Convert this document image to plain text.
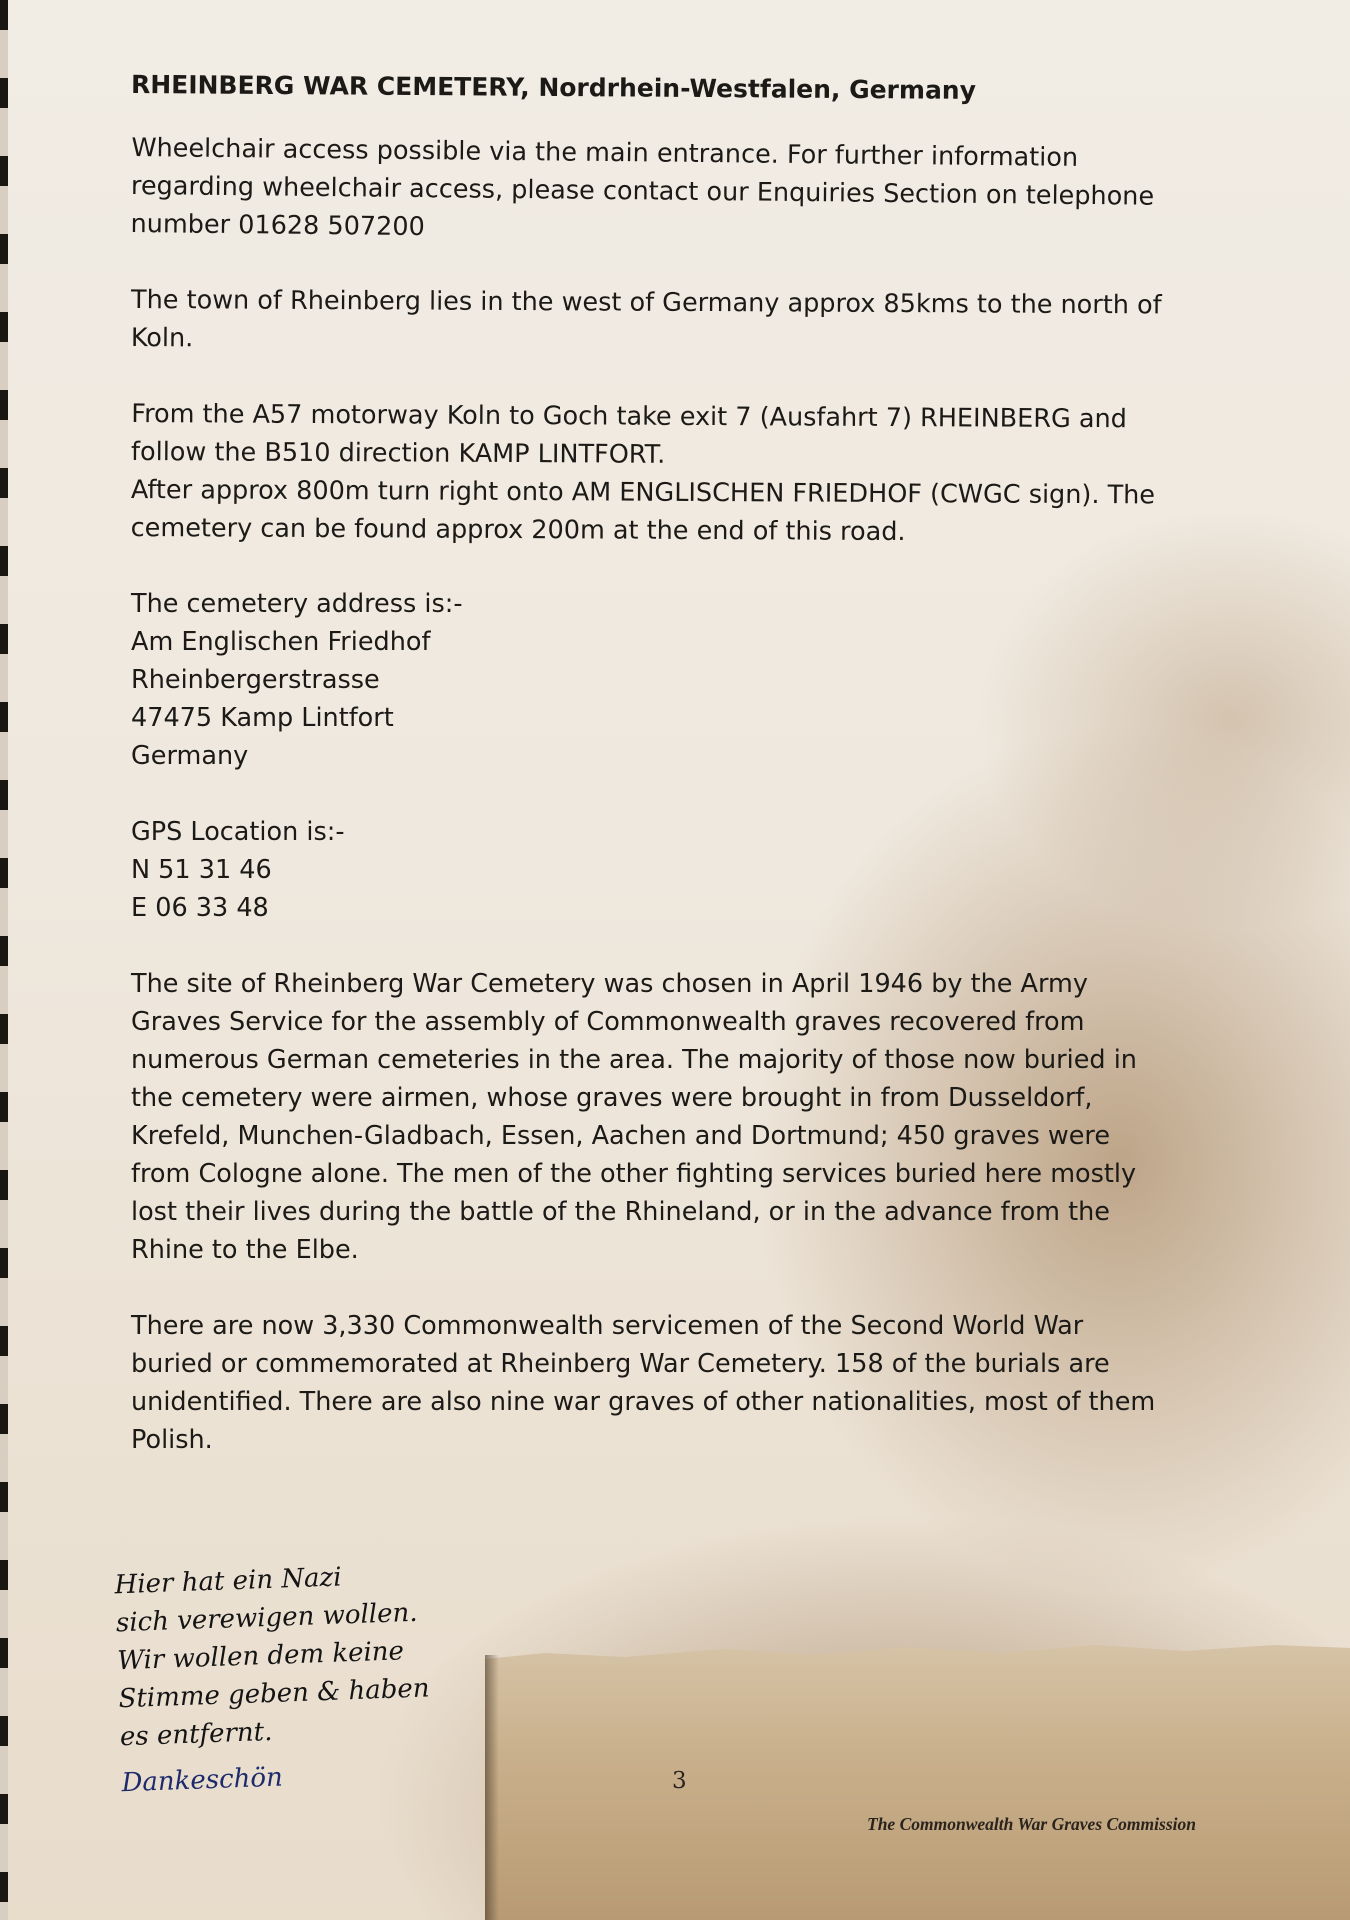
RHEINBERG WAR CEMETERY, Nordrhein-Westfalen, Germany
Wheelchair access possible via the main entrance. For further information
regarding wheelchair access, please contact our Enquiries Section on telephone
number 01628 507200
The town of Rheinberg lies in the west of Germany approx 85kms to the north of
Koln.
From the A57 motorway Koln to Goch take exit 7 (Ausfahrt 7) RHEINBERG and
follow the B510 direction KAMP LINTFORT.
After approx 800m turn right onto AM ENGLISCHEN FRIEDHOF (CWGC sign). The
cemetery can be found approx 200m at the end of this road.
The cemetery address is:-
Am Englischen Friedhof
Rheinbergerstrasse
47475 Kamp Lintfort
Germany
GPS Location is:-
N 51 31 46
E 06 33 48
The site of Rheinberg War Cemetery was chosen in April 1946 by the Army
Graves Service for the assembly of Commonwealth graves recovered from
numerous German cemeteries in the area. The majority of those now buried in
the cemetery were airmen, whose graves were brought in from Dusseldorf,
Krefeld, Munchen-Gladbach, Essen, Aachen and Dortmund; 450 graves were
from Cologne alone. The men of the other fighting services buried here mostly
lost their lives during the battle of the Rhineland, or in the advance from the
Rhine to the Elbe.
There are now 3,330 Commonwealth servicemen of the Second World War
buried or commemorated at Rheinberg War Cemetery. 158 of the burials are
unidentified. There are also nine war graves of other nationalities, most of them
Polish.
Hier hat ein Nazi
sich verewigen wollen.
Wir wollen dem keine
Stimme geben & haben
es entfernt.
Dankeschön	3
The Commonwealth War Graves Commission
